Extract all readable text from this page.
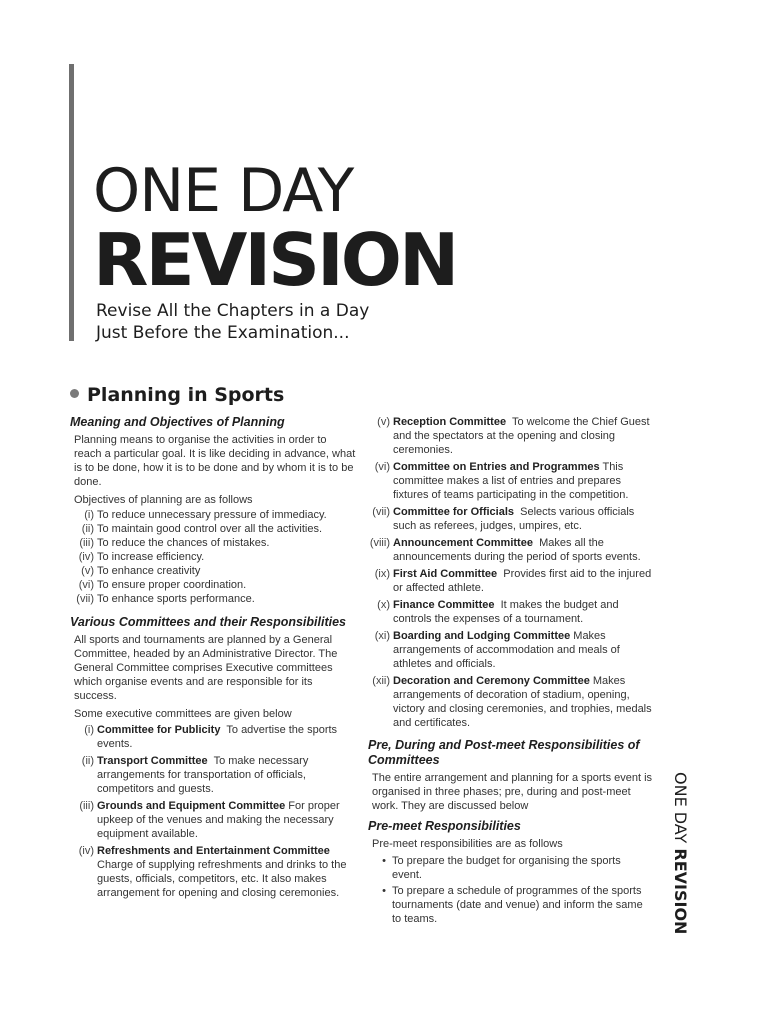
ONE DAY
REVISION
Revise All the Chapters in a Day
Just Before the Examination...
Planning in Sports
Meaning and Objectives of Planning
Planning means to organise the activities in order to reach a particular goal. It is like deciding in advance, what is to be done, how it is to be done and by whom it is to be done.
Objectives of planning are as follows
(i) To reduce unnecessary pressure of immediacy.
(ii) To maintain good control over all the activities.
(iii) To reduce the chances of mistakes.
(iv) To increase efficiency.
(v) To enhance creativity
(vi) To ensure proper coordination.
(vii) To enhance sports performance.
Various Committees and their Responsibilities
All sports and tournaments are planned by a General Committee, headed by an Administrative Director. The General Committee comprises Executive committees which organise events and are responsible for its success.
Some executive committees are given below
(i) Committee for Publicity To advertise the sports events.
(ii) Transport Committee To make necessary arrangements for transportation of officials, competitors and guests.
(iii) Grounds and Equipment Committee For proper upkeep of the venues and making the necessary equipment available.
(iv) Refreshments and Entertainment Committee  Charge of supplying refreshments and drinks to the guests, officials, competitors, etc. It also makes arrangement for opening and closing ceremonies.
(v) Reception Committee To welcome the Chief Guest and the spectators at the opening and closing ceremonies.
(vi) Committee on Entries and Programmes This committee makes a list of entries and prepares fixtures of teams participating in the competition.
(vii) Committee for Officials Selects various officials such as referees, judges, umpires, etc.
(viii) Announcement Committee Makes all the announcements during the period of sports events.
(ix) First Aid Committee Provides first aid to the injured or affected athlete.
(x) Finance Committee It makes the budget and controls the expenses of a tournament.
(xi) Boarding and Lodging Committee Makes arrangements of accommodation and meals of athletes and officials.
(xii) Decoration and Ceremony Committee Makes arrangements of decoration of stadium, opening, victory and closing ceremonies, and trophies, medals and certificates.
Pre, During and Post-meet Responsibilities of Committees
The entire arrangement and planning for a sports event is organised in three phases; pre, during and post-meet work. They are discussed below
Pre-meet Responsibilities
Pre-meet responsibilities are as follows
• To prepare the budget for organising the sports event.
• To prepare a schedule of programmes of the sports tournaments (date and venue) and inform the same to teams.
ONE DAY REVISION
